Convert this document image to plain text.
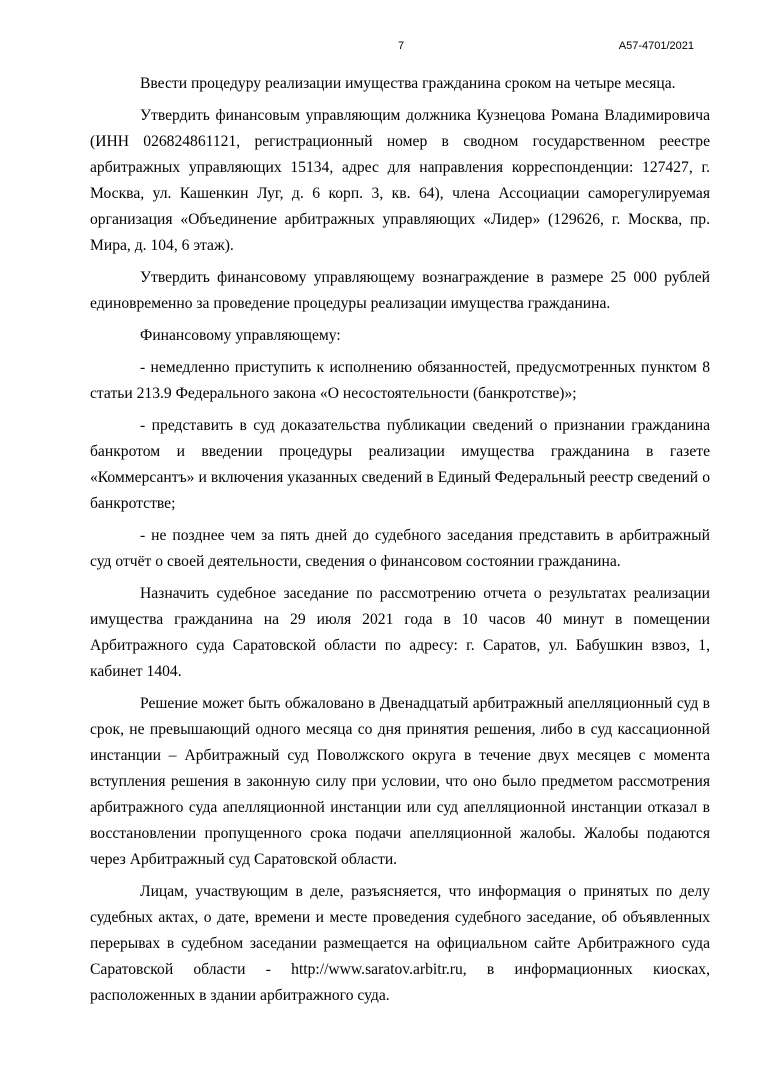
7	А57-4701/2021

Ввести процедуру реализации имущества гражданина сроком на четыре месяца.

Утвердить финансовым управляющим должника Кузнецова Романа Владимировича (ИНН 026824861121, регистрационный номер в сводном государственном реестре арбитражных управляющих 15134, адрес для направления корреспонденции: 127427, г. Москва, ул. Кашенкин Луг, д. 6 корп. 3, кв. 64), члена Ассоциации саморегулируемая организация «Объединение арбитражных управляющих «Лидер» (129626, г. Москва, пр. Мира, д. 104, 6 этаж).

Утвердить финансовому управляющему вознаграждение в размере 25 000 рублей единовременно за проведение процедуры реализации имущества гражданина.

Финансовому управляющему:

- немедленно приступить к исполнению обязанностей, предусмотренных пунктом 8 статьи 213.9 Федерального закона «О несостоятельности (банкротстве)»;

- представить в суд доказательства публикации сведений о признании гражданина банкротом и введении процедуры реализации имущества гражданина в газете «Коммерсантъ» и включения указанных сведений в Единый Федеральный реестр сведений о банкротстве;

- не позднее чем за пять дней до судебного заседания представить в арбитражный суд отчёт о своей деятельности, сведения о финансовом состоянии гражданина.

Назначить судебное заседание по рассмотрению отчета о результатах реализации имущества гражданина на 29 июля 2021 года в 10 часов 40 минут в помещении Арбитражного суда Саратовской области по адресу: г. Саратов, ул. Бабушкин взвоз, 1, кабинет 1404.

Решение может быть обжаловано в Двенадцатый арбитражный апелляционный суд в срок, не превышающий одного месяца со дня принятия решения, либо в суд кассационной инстанции – Арбитражный суд Поволжского округа в течение двух месяцев с момента вступления решения в законную силу при условии, что оно было предметом рассмотрения арбитражного суда апелляционной инстанции или суд апелляционной инстанции отказал в восстановлении пропущенного срока подачи апелляционной жалобы. Жалобы подаются через Арбитражный суд Саратовской области.

Лицам, участвующим в деле, разъясняется, что информация о принятых по делу судебных актах, о дате, времени и месте проведения судебного заседание, об объявленных перерывах в судебном заседании размещается на официальном сайте Арбитражного суда Саратовской области - http://www.saratov.arbitr.ru, в информационных киосках, расположенных в здании арбитражного суда.
